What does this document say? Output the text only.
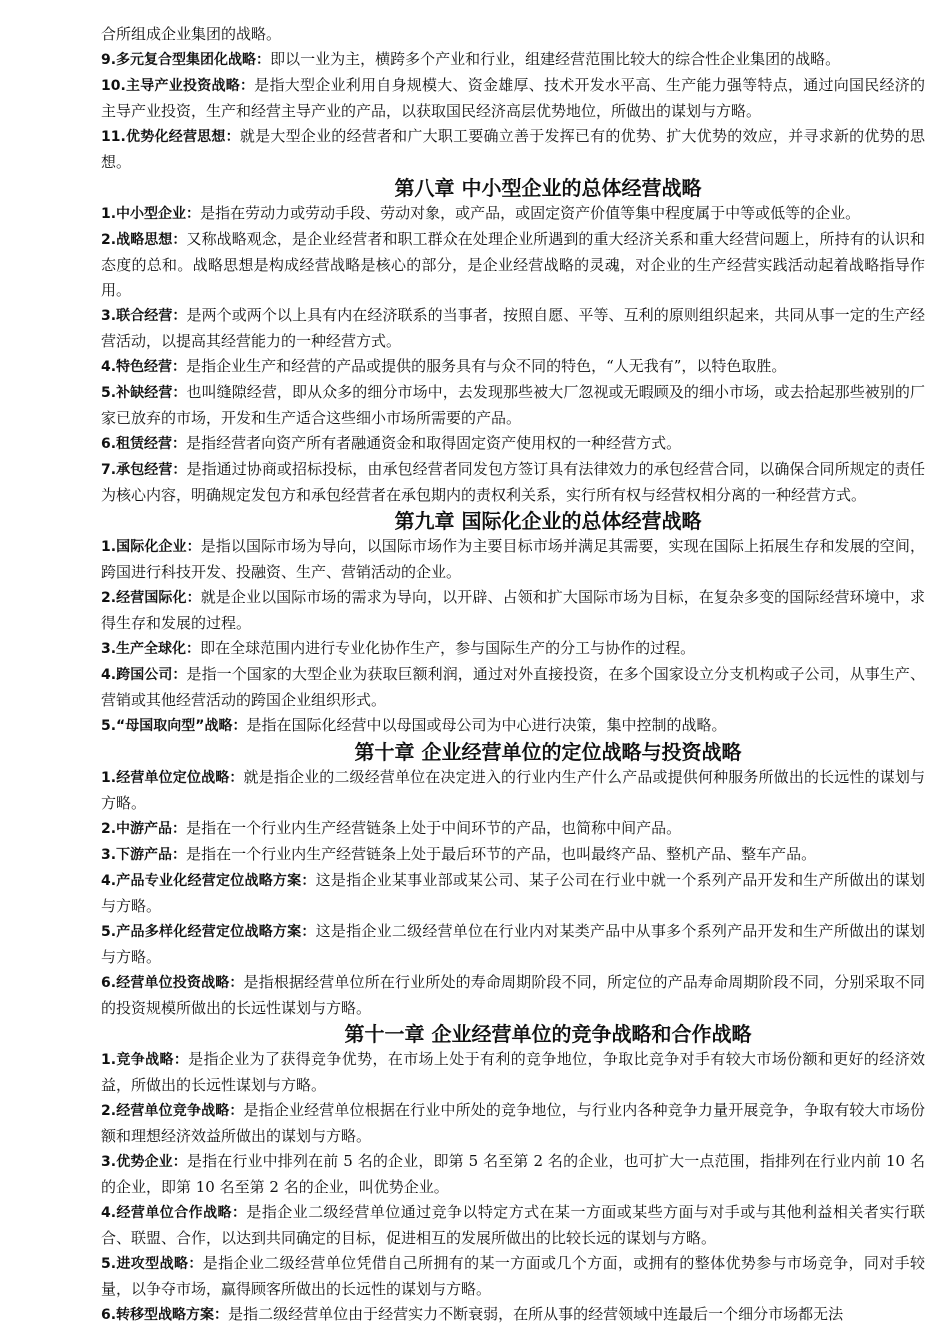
合所组成企业集团的战略。

9.多元复合型集团化战略：即以一业为主，横跨多个产业和行业，组建经营范围比较大的综合性企业集团的战略。

10.主导产业投资战略：是指大型企业利用自身规模大、资金雄厚、技术开发水平高、生产能力强等特点，通过向国民经济的主导产业投资，生产和经营主导产业的产品，以获取国民经济高层优势地位，所做出的谋划与方略。

11.优势化经营思想：就是大型企业的经营者和广大职工要确立善于发挥已有的优势、扩大优势的效应，并寻求新的优势的思想。

第八章 中小型企业的总体经营战略

1.中小型企业：是指在劳动力或劳动手段、劳动对象，或产品，或固定资产价值等集中程度属于中等或低等的企业。

2.战略思想：又称战略观念，是企业经营者和职工群众在处理企业所遇到的重大经济关系和重大经营问题上，所持有的认识和态度的总和。战略思想是构成经营战略是核心的部分，是企业经营战略的灵魂，对企业的生产经营实践活动起着战略指导作用。

3.联合经营：是两个或两个以上具有内在经济联系的当事者，按照自愿、平等、互利的原则组织起来，共同从事一定的生产经营活动，以提高其经营能力的一种经营方式。

4.特色经营：是指企业生产和经营的产品或提供的服务具有与众不同的特色，“人无我有”，以特色取胜。

5.补缺经营：也叫缝隙经营，即从众多的细分市场中，去发现那些被大厂忽视或无暇顾及的细小市场，或去拾起那些被别的厂家已放弃的市场，开发和生产适合这些细小市场所需要的产品。

6.租赁经营：是指经营者向资产所有者融通资金和取得固定资产使用权的一种经营方式。

7.承包经营：是指通过协商或招标投标，由承包经营者同发包方签订具有法律效力的承包经营合同，以确保合同所规定的责任为核心内容，明确规定发包方和承包经营者在承包期内的责权利关系，实行所有权与经营权相分离的一种经营方式。

第九章 国际化企业的总体经营战略

1.国际化企业：是指以国际市场为导向，以国际市场作为主要目标市场并满足其需要，实现在国际上拓展生存和发展的空间，跨国进行科技开发、投融资、生产、营销活动的企业。

2.经营国际化：就是企业以国际市场的需求为导向，以开辟、占领和扩大国际市场为目标，在复杂多变的国际经营环境中，求得生存和发展的过程。

3.生产全球化：即在全球范围内进行专业化协作生产，参与国际生产的分工与协作的过程。

4.跨国公司：是指一个国家的大型企业为获取巨额利润，通过对外直接投资，在多个国家设立分支机构或子公司，从事生产、营销或其他经营活动的跨国企业组织形式。

5.“母国取向型”战略：是指在国际化经营中以母国或母公司为中心进行决策，集中控制的战略。

第十章 企业经营单位的定位战略与投资战略

1.经营单位定位战略：就是指企业的二级经营单位在决定进入的行业内生产什么产品或提供何种服务所做出的长远性的谋划与方略。

2.中游产品：是指在一个行业内生产经营链条上处于中间环节的产品，也简称中间产品。

3.下游产品：是指在一个行业内生产经营链条上处于最后环节的产品，也叫最终产品、整机产品、整车产品。

4.产品专业化经营定位战略方案：这是指企业某事业部或某公司、某子公司在行业中就一个系列产品开发和生产所做出的谋划与方略。

5.产品多样化经营定位战略方案：这是指企业二级经营单位在行业内对某类产品中从事多个系列产品开发和生产所做出的谋划与方略。

6.经营单位投资战略：是指根据经营单位所在行业所处的寿命周期阶段不同，所定位的产品寿命周期阶段不同，分别采取不同的投资规模所做出的长远性谋划与方略。

第十一章 企业经营单位的竞争战略和合作战略

1.竞争战略：是指企业为了获得竞争优势，在市场上处于有利的竞争地位，争取比竞争对手有较大市场份额和更好的经济效益，所做出的长远性谋划与方略。

2.经营单位竞争战略：是指企业经营单位根据在行业中所处的竞争地位，与行业内各种竞争力量开展竞争，争取有较大市场份额和理想经济效益所做出的谋划与方略。

3.优势企业：是指在行业中排列在前 5 名的企业，即第 5 名至第 2 名的企业，也可扩大一点范围，指排列在行业内前 10 名的企业，即第 10 名至第 2 名的企业，叫优势企业。

4.经营单位合作战略：是指企业二级经营单位通过竞争以特定方式在某一方面或某些方面与对手或与其他利益相关者实行联合、联盟、合作，以达到共同确定的目标，促进相互的发展所做出的比较长远的谋划与方略。

5.进攻型战略：是指企业二级经营单位凭借自己所拥有的某一方面或几个方面，或拥有的整体优势参与市场竞争，同对手较量，以争夺市场，赢得顾客所做出的长远性的谋划与方略。

6.转移型战略方案：是指二级经营单位由于经营实力不断衰弱，在所从事的经营领域中连最后一个细分市场都无法
